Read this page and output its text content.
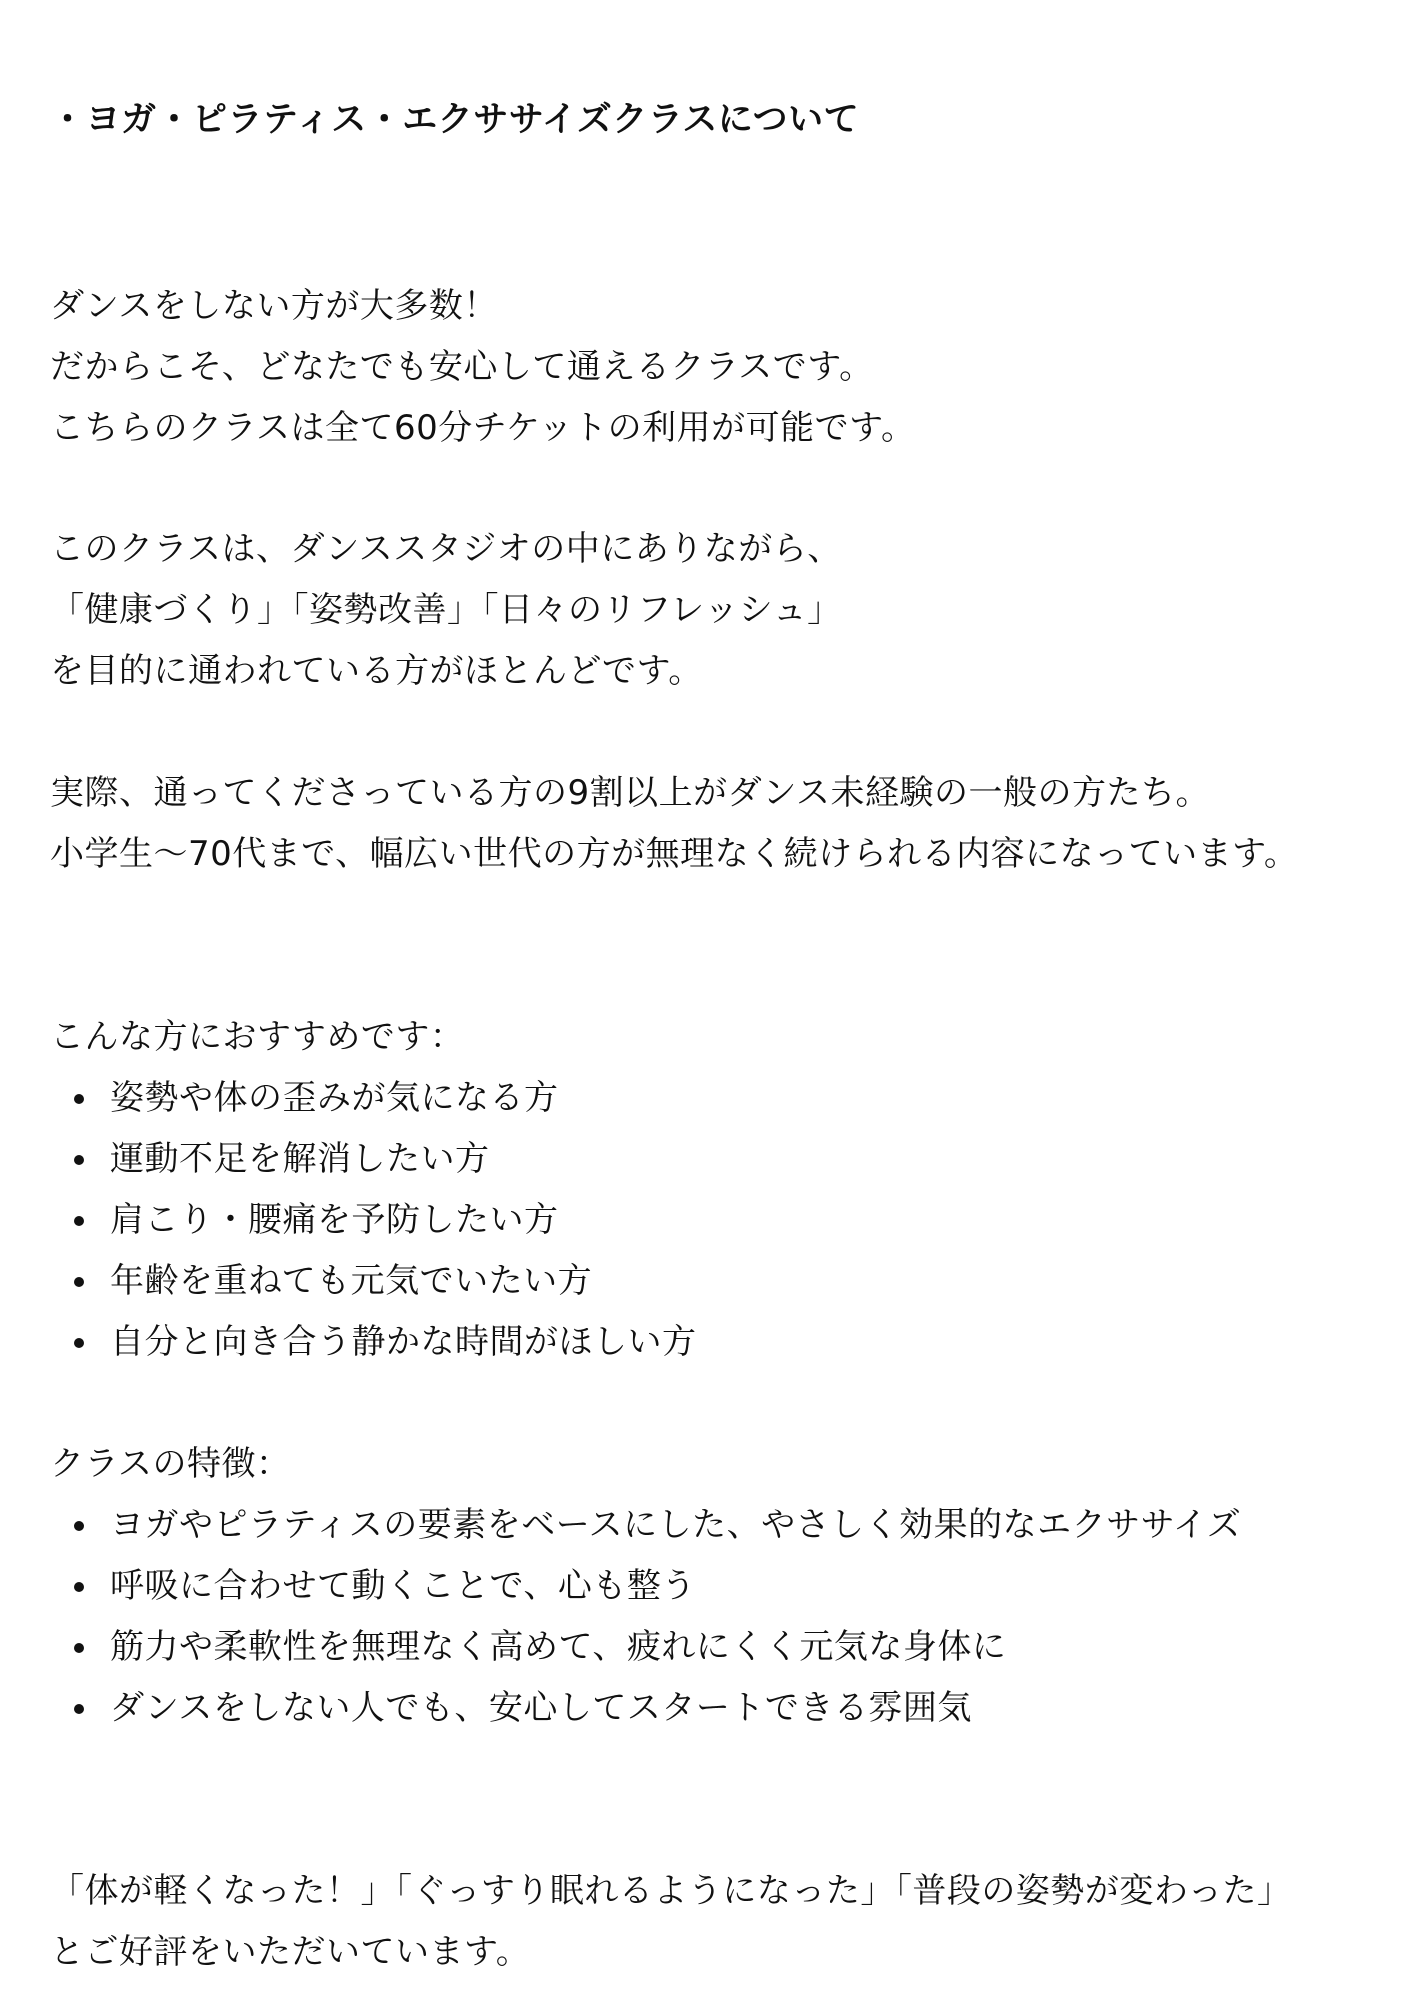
・ヨガ・ピラティス・エクササイズクラスについて
ダンスをしない方が大多数！
だからこそ、どなたでも安心して通えるクラスです。
こちらのクラスは全て60分チケットの利用が可能です。
このクラスは、ダンススタジオの中にありながら、
「健康づくり」「姿勢改善」「日々のリフレッシュ」
を目的に通われている方がほとんどです。
実際、通ってくださっている方の9割以上がダンス未経験の一般の方たち。
小学生〜70代まで、幅広い世代の方が無理なく続けられる内容になっています。
こんな方におすすめです：
姿勢や体の歪みが気になる方
運動不足を解消したい方
肩こり・腰痛を予防したい方
年齢を重ねても元気でいたい方
自分と向き合う静かな時間がほしい方
クラスの特徴：
ヨガやピラティスの要素をベースにした、やさしく効果的なエクササイズ
呼吸に合わせて動くことで、心も整う
筋力や柔軟性を無理なく高めて、疲れにくく元気な身体に
ダンスをしない人でも、安心してスタートできる雰囲気
「体が軽くなった！」「ぐっすり眠れるようになった」「普段の姿勢が変わった」
とご好評をいただいています。
